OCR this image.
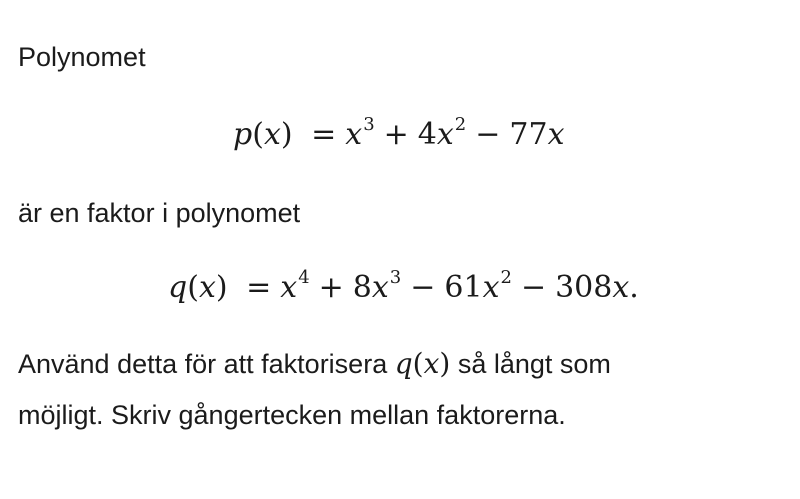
Polynomet
$p(x) = x^3 + 4x^2 - 77x$
är en faktor i polynomet
$q(x) = x^4 + 8x^3 - 61x^2 - 308x$.
Använd detta för att faktorisera q(x) så långt som
möjligt. Skriv gångertecken mellan faktorerna.
